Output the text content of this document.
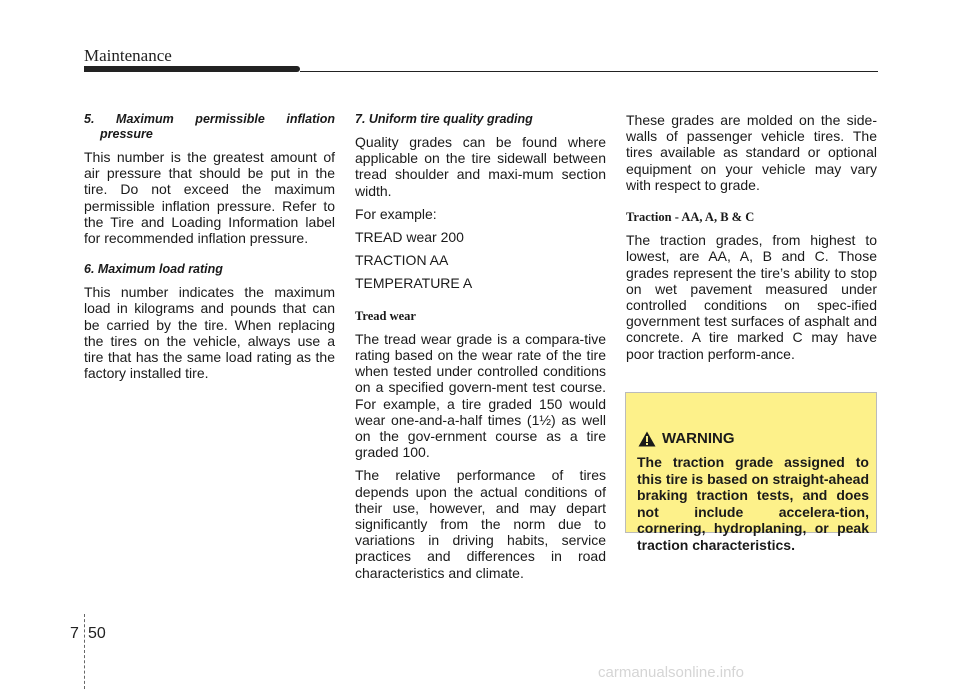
Maintenance
5. Maximum permissible inflation pressure

This number is the greatest amount of air pressure that should be put in the tire. Do not exceed the maximum permissible inflation pressure. Refer to the Tire and Loading Information label for recommended inflation pressure.

6. Maximum load rating

This number indicates the maximum load in kilograms and pounds that can be carried by the tire. When replacing the tires on the vehicle, always use a tire that has the same load rating as the factory installed tire.

7. Uniform tire quality grading

Quality grades can be found where applicable on the tire sidewall between tread shoulder and maxi-mum section width.

For example:

TREAD wear 200

TRACTION AA

TEMPERATURE A

Tread wear

The tread wear grade is a compara-tive rating based on the wear rate of the tire when tested under controlled conditions on a specified govern-ment test course. For example, a tire graded 150 would wear one-and-a-half times (1½) as well on the gov-ernment course as a tire graded 100.

The relative performance of tires depends upon the actual conditions of their use, however, and may depart significantly from the norm due to variations in driving habits, service practices and differences in road characteristics and climate.

These grades are molded on the side-walls of passenger vehicle tires. The tires available as standard or optional equipment on your vehicle may vary with respect to grade.

Traction - AA, A, B & C

The traction grades, from highest to lowest, are AA, A, B and C. Those grades represent the tire’s ability to stop on wet pavement measured under controlled conditions on spec-ified government test surfaces of asphalt and concrete. A tire marked C may have poor traction perform-ance.

WARNING
The traction grade assigned to this tire is based on straight-ahead braking traction tests, and does not include accelera-tion, cornering, hydroplaning, or peak traction characteristics.
7 50
carmanualsonline.info
